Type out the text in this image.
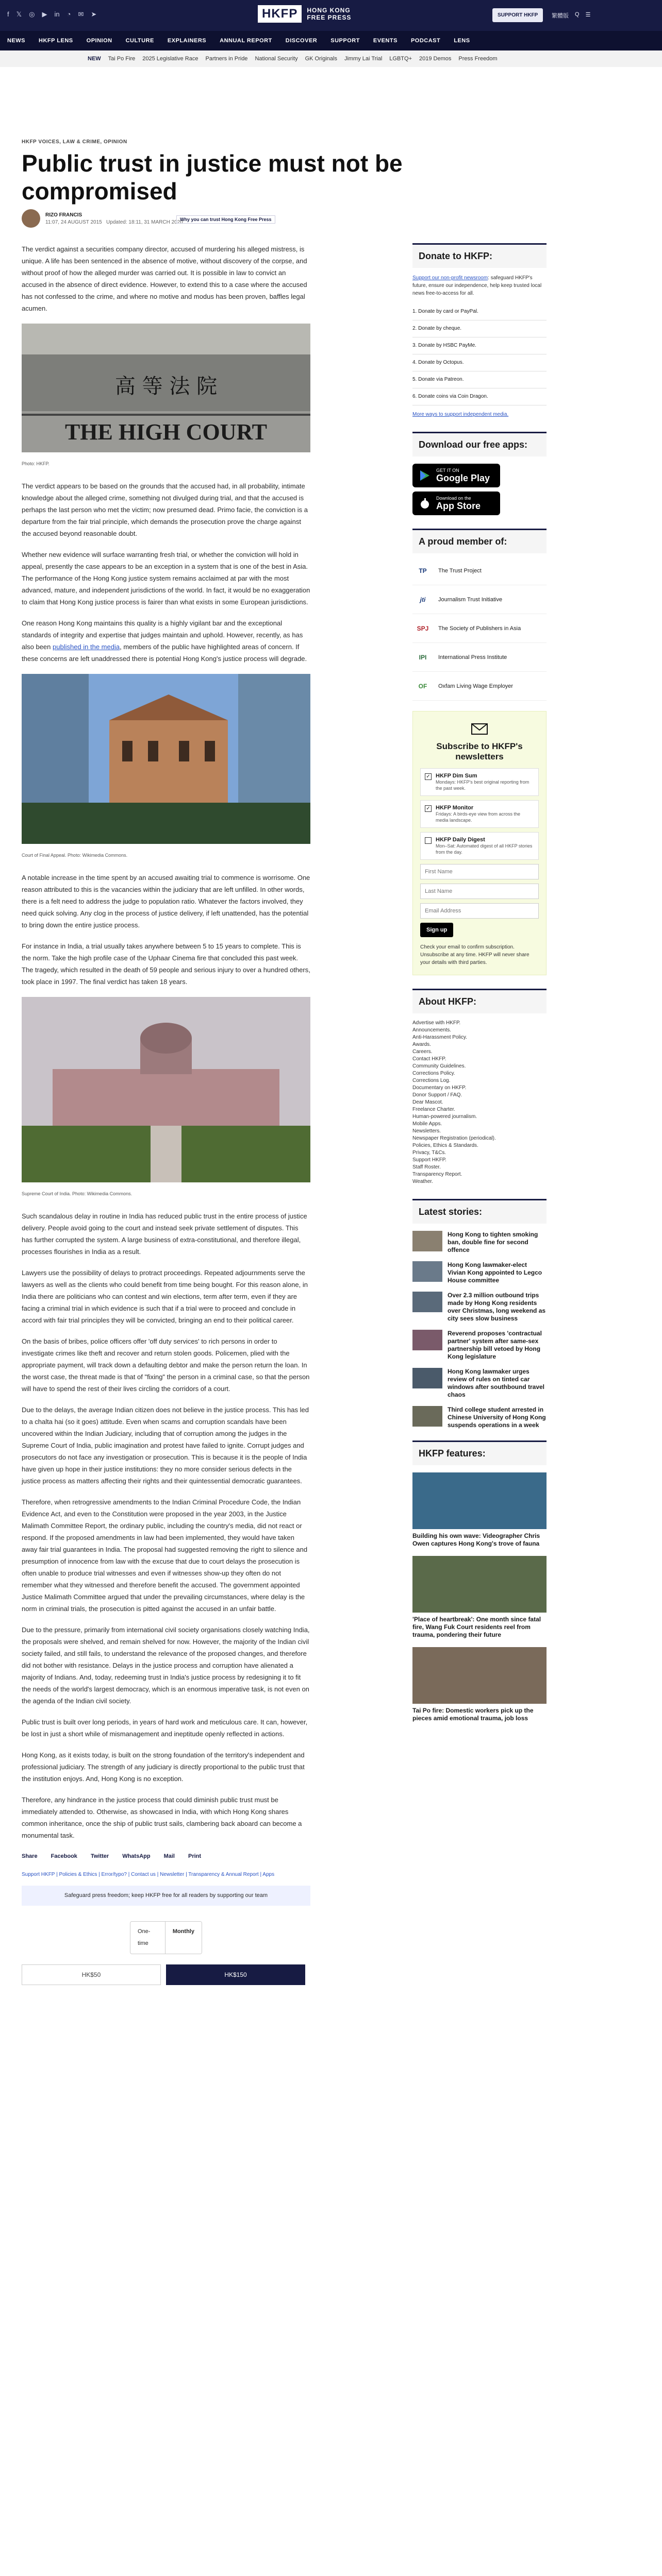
f 𝕏 ◎ ▶ in ◔ ✉ ➤	HKFP	HONG KONG
FREE PRESS	SUPPORT HKFP	繁體版 Q ☰
NEWS HKFP LENS OPINION CULTURE EXPLAINERS ANNUAL REPORT DISCOVER SUPPORT EVENTS PODCAST LENS
NEW Tai Po Fire 2025 Legislative Race Partners in Pride National Security GK Originals Jimmy Lai Trial LGBTQ+ 2019 Demos Press Freedom
HKFP VOICES, LAW & CRIME, OPINION
Public trust in justice must not be compromised
RIZO FRANCIS
11:07, 24 AUGUST 2015 Updated: 18:11, 31 MARCH 2020
Why you can trust Hong Kong Free Press

The verdict against a securities company director, accused of murdering his alleged mistress, is unique. A life has been sentenced in the absence of motive, without discovery of the corpse, and without proof of how the alleged murder was carried out. It is possible in law to convict an accused in the absence of direct evidence. However, to extend this to a case where the accused has not confessed to the crime, and where no motive and modus has been proven, baffles legal acumen.

高 等 法 院
THE HIGH COURT
Photo: HKFP.

The verdict appears to be based on the grounds that the accused had, in all probability, intimate knowledge about the alleged crime, something not divulged during trial, and that the accused is perhaps the last person who met the victim; now presumed dead. Primo facie, the conviction is a departure from the fair trial principle, which demands the prosecution prove the charge against the accused beyond reasonable doubt.

Whether new evidence will surface warranting fresh trial, or whether the conviction will hold in appeal, presently the case appears to be an exception in a system that is one of the best in Asia. The performance of the Hong Kong justice system remains acclaimed at par with the most advanced, mature, and independent jurisdictions of the world. In fact, it would be no exaggeration to claim that Hong Kong justice process is fairer than what exists in some European jurisdictions.

One reason Hong Kong maintains this quality is a highly vigilant bar and the exceptional standards of integrity and expertise that judges maintain and uphold. However, recently, as has also been published in the media, members of the public have highlighted areas of concern. If these concerns are left unaddressed there is potential Hong Kong's justice process will degrade.

Court of Final Appeal. Photo: Wikimedia Commons.

A notable increase in the time spent by an accused awaiting trial to commence is worrisome. One reason attributed to this is the vacancies within the judiciary that are left unfilled. In other words, there is a felt need to address the judge to population ratio. Whatever the factors involved, they need quick solving. Any clog in the process of justice delivery, if left unattended, has the potential to bring down the entire justice process.

For instance in India, a trial usually takes anywhere between 5 to 15 years to complete. This is the norm. Take the high profile case of the Uphaar Cinema fire that concluded this past week. The tragedy, which resulted in the death of 59 people and serious injury to over a hundred others, took place in 1997. The final verdict has taken 18 years.

Supreme Court of India. Photo: Wikimedia Commons.

Such scandalous delay in routine in India has reduced public trust in the entire process of justice delivery. People avoid going to the court and instead seek private settlement of disputes. This has further corrupted the system. A large business of extra-constitutional, and therefore illegal, processes flourishes in India as a result.

Lawyers use the possibility of delays to protract proceedings. Repeated adjournments serve the lawyers as well as the clients who could benefit from time being bought. For this reason alone, in India there are politicians who can contest and win elections, term after term, even if they are facing a criminal trial in which evidence is such that if a trial were to proceed and conclude in accord with fair trial principles they will be convicted, bringing an end to their political career.

On the basis of bribes, police officers offer 'off duty services' to rich persons in order to investigate crimes like theft and recover and return stolen goods. Policemen, plied with the appropriate payment, will track down a defaulting debtor and make the person return the loan. In the worst case, the threat made is that of "fixing" the person in a criminal case, so that the person will have to spend the rest of their lives circling the corridors of a court.

Due to the delays, the average Indian citizen does not believe in the justice process. This has led to a chalta hai (so it goes) attitude. Even when scams and corruption scandals have been uncovered within the Indian Judiciary, including that of corruption among the judges in the Supreme Court of India, public imagination and protest have failed to ignite. Corrupt judges and prosecutors do not face any investigation or prosecution. This is because it is the people of India have given up hope in their justice institutions: they no more consider serious defects in the justice process as matters affecting their rights and their quintessential democratic guarantees.

Therefore, when retrogressive amendments to the Indian Criminal Procedure Code, the Indian Evidence Act, and even to the Constitution were proposed in the year 2003, in the Justice Malimath Committee Report, the ordinary public, including the country's media, did not react or respond. If the proposed amendments in law had been implemented, they would have taken away fair trial guarantees in India. The proposal had suggested removing the right to silence and presumption of innocence from law with the excuse that due to court delays the prosecution is often unable to produce trial witnesses and even if witnesses show-up they often do not remember what they witnessed and therefore benefit the accused. The government appointed Justice Malimath Committee argued that under the prevailing circumstances, where delay is the norm in criminal trials, the prosecution is pitted against the accused in an unfair battle.

Due to the pressure, primarily from international civil society organisations closely watching India, the proposals were shelved, and remain shelved for now. However, the majority of the Indian civil society failed, and still fails, to understand the relevance of the proposed changes, and therefore did not bother with resistance. Delays in the justice process and corruption have alienated a majority of Indians. And, today, redeeming trust in India's justice process by redesigning it to fit the needs of the world's largest democracy, which is an enormous imperative task, is not even on the agenda of the Indian civil society.

Public trust is built over long periods, in years of hard work and meticulous care. It can, however, be lost in just a short while of mismanagement and ineptitude openly reflected in actions.

Hong Kong, as it exists today, is built on the strong foundation of the territory's independent and professional judiciary. The strength of any judiciary is directly proportional to the public trust that the institution enjoys. And, Hong Kong is no exception.

Therefore, any hindrance in the justice process that could diminish public trust must be immediately attended to. Otherwise, as showcased in India, with which Hong Kong shares common inheritance, once the ship of public trust sails, clambering back aboard can become a monumental task.

Share Facebook Twitter WhatsApp Mail Print
Support HKFP | Policies & Ethics | Error/typo? | Contact us | Newsletter | Transparency & Annual Report | Apps
Safeguard press freedom; keep HKFP free for all readers by supporting our team
One-time
Monthly
HK$50	HK$150
Donate to HKFP:
Support our non-profit newsroom: safeguard HKFP's future, ensure our independence, help keep trusted local news free-to-access for all.
1. Donate by card or PayPal.
2. Donate by cheque.
3. Donate by HSBC PayMe.
4. Donate by Octopus.
5. Donate via Patreon.
6. Donate coins via Coin Dragon.
More ways to support independent media.
Download our free apps:
GET IT ON
Google Play
Download on the
App Store
A proud member of:
TP	The Trust Project
jti	Journalism Trust Initiative
SPJ	The Society of Publishers in Asia
IPI	International Press Institute
OF	Oxfam Living Wage Employer
Subscribe to HKFP's newsletters
✓ HKFP Dim Sum
Mondays: HKFP's best original reporting from the past week.
✓ HKFP Monitor
Fridays: A birds-eye view from across the media landscape.
HKFP Daily Digest
Mon–Sat: Automated digest of all HKFP stories from the day.
First Name
Last Name
Email Address
Sign up
Check your email to confirm subscription. Unsubscribe at any time. HKFP will never share your details with third parties.
About HKFP:
Advertise with HKFP.
Announcements.
Anti-Harassment Policy.
Awards.
Careers.
Contact HKFP.
Community Guidelines.
Corrections Policy.
Corrections Log.
Documentary on HKFP.
Donor Support / FAQ.
Dear Mascot.
Freelance Charter.
Human-powered journalism.
Mobile Apps.
Newsletters.
Newspaper Registration (periodical).
Policies, Ethics & Standards.
Privacy, T&Cs.
Support HKFP.
Staff Roster.
Transparency Report.
Weather.
Latest stories:
Hong Kong to tighten smoking ban, double fine for second offence
Hong Kong lawmaker-elect Vivian Kong appointed to Legco House committee
Over 2.3 million outbound trips made by Hong Kong residents over Christmas, long weekend as city sees slow business
Reverend proposes 'contractual partner' system after same-sex partnership bill vetoed by Hong Kong legislature
Hong Kong lawmaker urges review of rules on tinted car windows after southbound travel chaos
Third college student arrested in Chinese University of Hong Kong suspends operations in a week
HKFP features:
Building his own wave: Videographer Chris Owen captures Hong Kong's trove of fauna
'Place of heartbreak': One month since fatal fire, Wang Fuk Court residents reel from trauma, pondering their future
Tai Po fire: Domestic workers pick up the pieces amid emotional trauma, job loss
